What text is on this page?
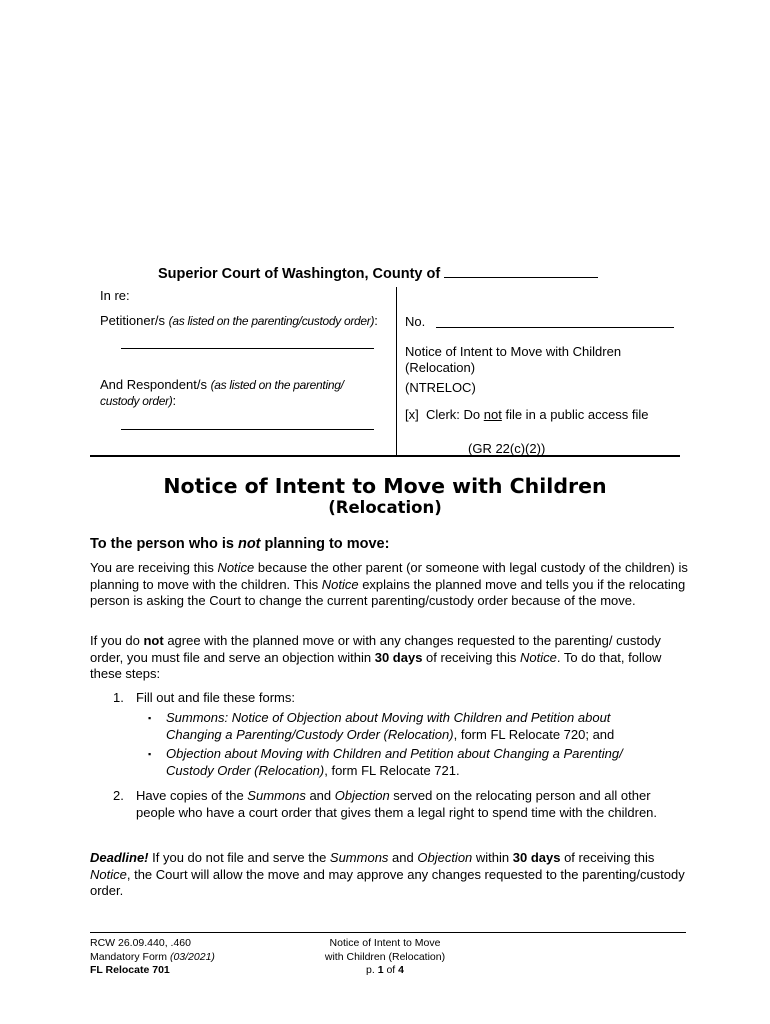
Superior Court of Washington, County of
In re:
Petitioner/s (as listed on the parenting/custody order):
And Respondent/s (as listed on the parenting/
custody order):
No.
Notice of Intent to Move with Children
(Relocation)
(NTRELOC)
[x] Clerk: Do not file in a public access file
(GR 22(c)(2))
Notice of Intent to Move with Children
(Relocation)
To the person who is not planning to move:
You are receiving this Notice because the other parent (or someone with legal custody of the children) is planning to move with the children. This Notice explains the planned move and tells you if the relocating person is asking the Court to change the current parenting/custody order because of the move.
If you do not agree with the planned move or with any changes requested to the parenting/ custody order, you must file and serve an objection within 30 days of receiving this Notice. To do that, follow these steps:
1. Fill out and file these forms:
▪ Summons: Notice of Objection about Moving with Children and Petition about Changing a Parenting/Custody Order (Relocation), form FL Relocate 720; and
▪ Objection about Moving with Children and Petition about Changing a Parenting/ Custody Order (Relocation), form FL Relocate 721.
2. Have copies of the Summons and Objection served on the relocating person and all other people who have a court order that gives them a legal right to spend time with the children.
Deadline! If you do not file and serve the Summons and Objection within 30 days of receiving this Notice, the Court will allow the move and may approve any changes requested to the parenting/custody order.
RCW 26.09.440, .460
Mandatory Form (03/2021)
FL Relocate 701
Notice of Intent to Move
with Children (Relocation)
p. 1 of 4
